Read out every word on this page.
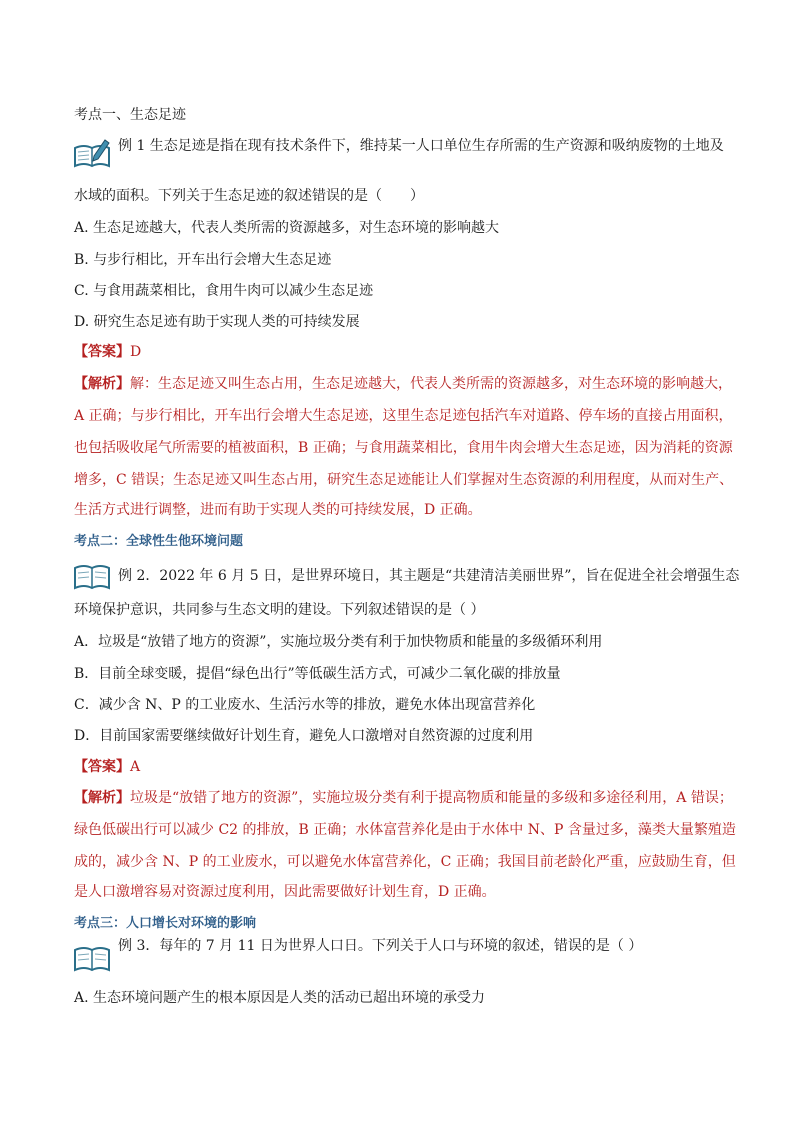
考点一、生态足迹
例 1 生态足迹是指在现有技术条件下，维持某一人口单位生存所需的生产资源和吸纳废物的土地及
水域的面积。下列关于生态足迹的叙述错误的是（　　）
A. 生态足迹越大，代表人类所需的资源越多，对生态环境的影响越大
B. 与步行相比，开车出行会增大生态足迹
C. 与食用蔬菜相比，食用牛肉可以减少生态足迹
D. 研究生态足迹有助于实现人类的可持续发展
【答案】D
【解析】解：生态足迹又叫生态占用，生态足迹越大，代表人类所需的资源越多，对生态环境的影响越大，
A 正确；与步行相比，开车出行会增大生态足迹，这里生态足迹包括汽车对道路、停车场的直接占用面积，
也包括吸收尾气所需要的植被面积，B 正确；与食用蔬菜相比，食用牛肉会增大生态足迹，因为消耗的资源
增多，C 错误；生态足迹又叫生态占用，研究生态足迹能让人们掌握对生态资源的利用程度，从而对生产、
生活方式进行调整，进而有助于实现人类的可持续发展，D 正确。
考点二：全球性生他环境问题
例 2．2022 年 6 月 5 日，是世界环境日，其主题是“共建清洁美丽世界”，旨在促进全社会增强生态
环境保护意识，共同参与生态文明的建设。下列叙述错误的是（ ）
A．垃圾是“放错了地方的资源”，实施垃圾分类有利于加快物质和能量的多级循环利用
B．目前全球变暖，提倡“绿色出行”等低碳生活方式，可减少二氧化碳的排放量
C．减少含 N、P 的工业废水、生活污水等的排放，避免水体出现富营养化
D．目前国家需要继续做好计划生育，避免人口激增对自然资源的过度利用
【答案】A
【解析】垃圾是“放错了地方的资源”，实施垃圾分类有利于提高物质和能量的多级和多途径利用，A 错误；
绿色低碳出行可以减少 C2 的排放，B 正确；水体富营养化是由于水体中 N、P 含量过多，藻类大量繁殖造
成的，减少含 N、P 的工业废水，可以避免水体富营养化，C 正确；我国目前老龄化严重，应鼓励生育，但
是人口激增容易对资源过度利用，因此需要做好计划生育，D 正确。
考点三：人口增长对环境的影响
例 3．每年的 7 月 11 日为世界人口日。下列关于人口与环境的叙述，错误的是（ ）
A. 生态环境问题产生的根本原因是人类的活动已超出环境的承受力
